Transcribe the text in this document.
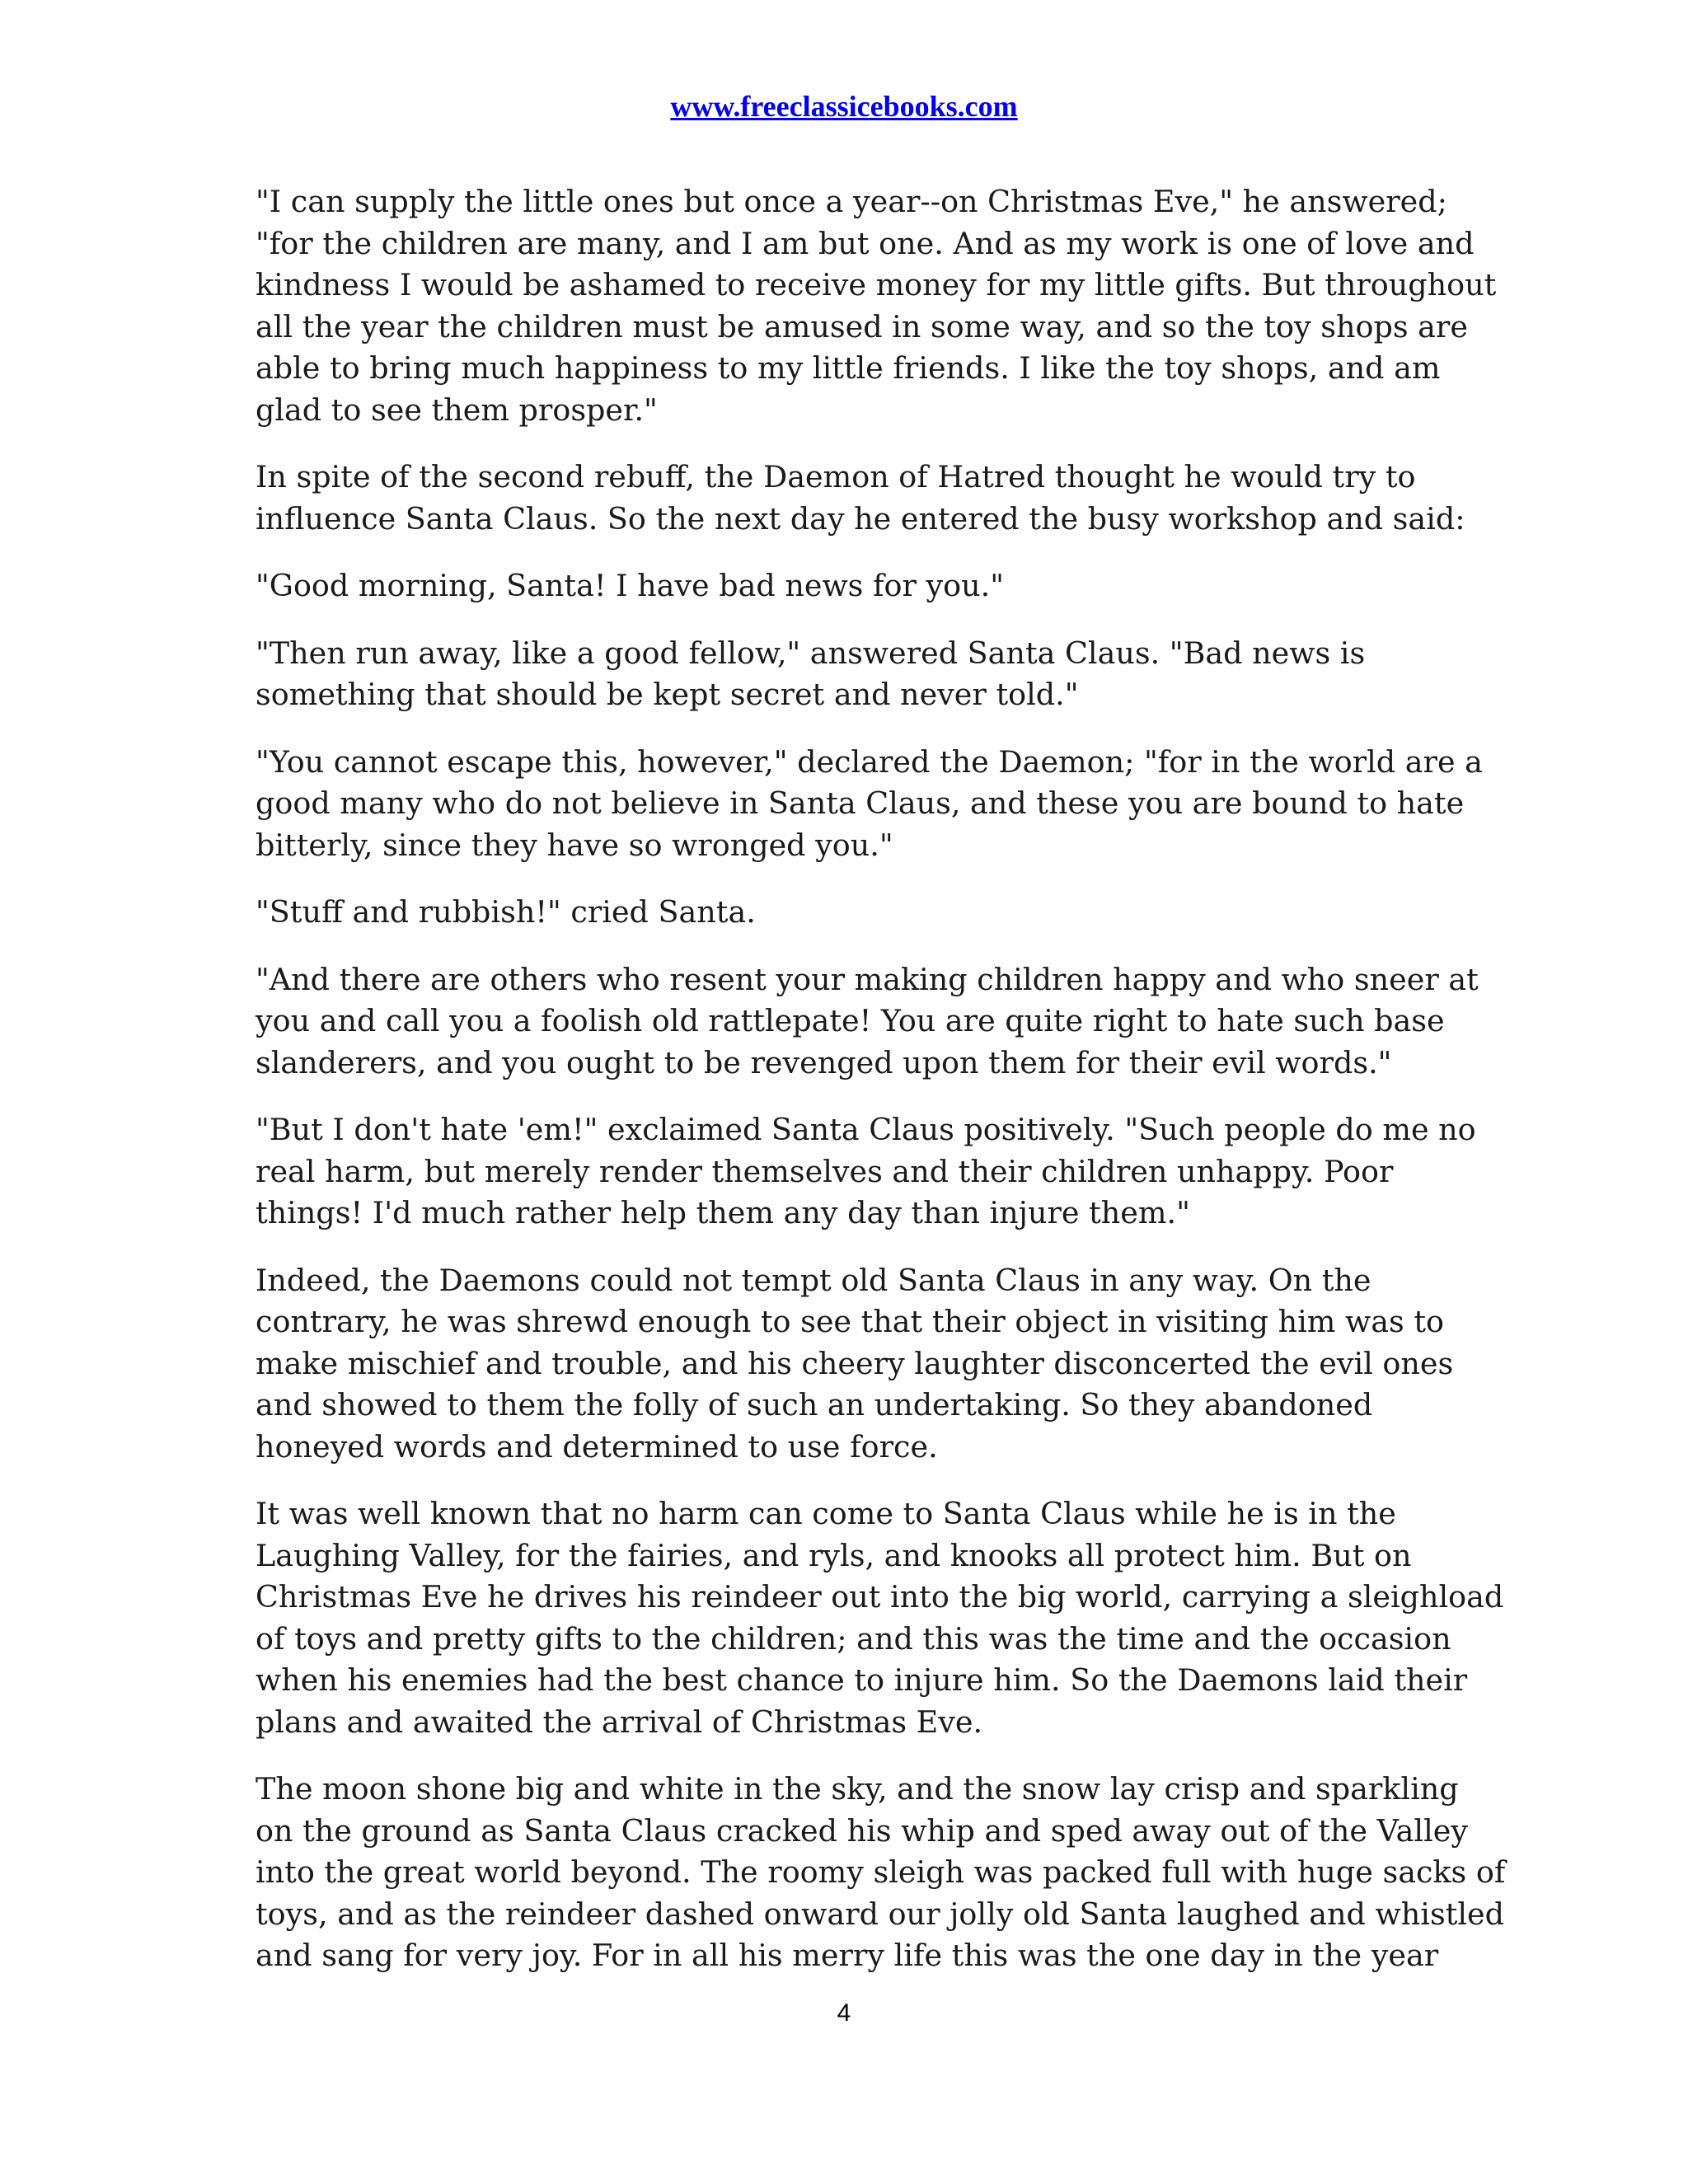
www.freeclassicebooks.com

"I can supply the little ones but once a year--on Christmas Eve," he answered;
"for the children are many, and I am but one. And as my work is one of love and
kindness I would be ashamed to receive money for my little gifts. But throughout
all the year the children must be amused in some way, and so the toy shops are
able to bring much happiness to my little friends. I like the toy shops, and am
glad to see them prosper."

In spite of the second rebuff, the Daemon of Hatred thought he would try to
influence Santa Claus. So the next day he entered the busy workshop and said:

"Good morning, Santa! I have bad news for you."

"Then run away, like a good fellow," answered Santa Claus. "Bad news is
something that should be kept secret and never told."

"You cannot escape this, however," declared the Daemon; "for in the world are a
good many who do not believe in Santa Claus, and these you are bound to hate
bitterly, since they have so wronged you."

"Stuff and rubbish!" cried Santa.

"And there are others who resent your making children happy and who sneer at
you and call you a foolish old rattlepate! You are quite right to hate such base
slanderers, and you ought to be revenged upon them for their evil words."

"But I don't hate 'em!" exclaimed Santa Claus positively. "Such people do me no
real harm, but merely render themselves and their children unhappy. Poor
things! I'd much rather help them any day than injure them."

Indeed, the Daemons could not tempt old Santa Claus in any way. On the
contrary, he was shrewd enough to see that their object in visiting him was to
make mischief and trouble, and his cheery laughter disconcerted the evil ones
and showed to them the folly of such an undertaking. So they abandoned
honeyed words and determined to use force.

It was well known that no harm can come to Santa Claus while he is in the
Laughing Valley, for the fairies, and ryls, and knooks all protect him. But on
Christmas Eve he drives his reindeer out into the big world, carrying a sleighload
of toys and pretty gifts to the children; and this was the time and the occasion
when his enemies had the best chance to injure him. So the Daemons laid their
plans and awaited the arrival of Christmas Eve.

The moon shone big and white in the sky, and the snow lay crisp and sparkling
on the ground as Santa Claus cracked his whip and sped away out of the Valley
into the great world beyond. The roomy sleigh was packed full with huge sacks of
toys, and as the reindeer dashed onward our jolly old Santa laughed and whistled
and sang for very joy. For in all his merry life this was the one day in the year

4
